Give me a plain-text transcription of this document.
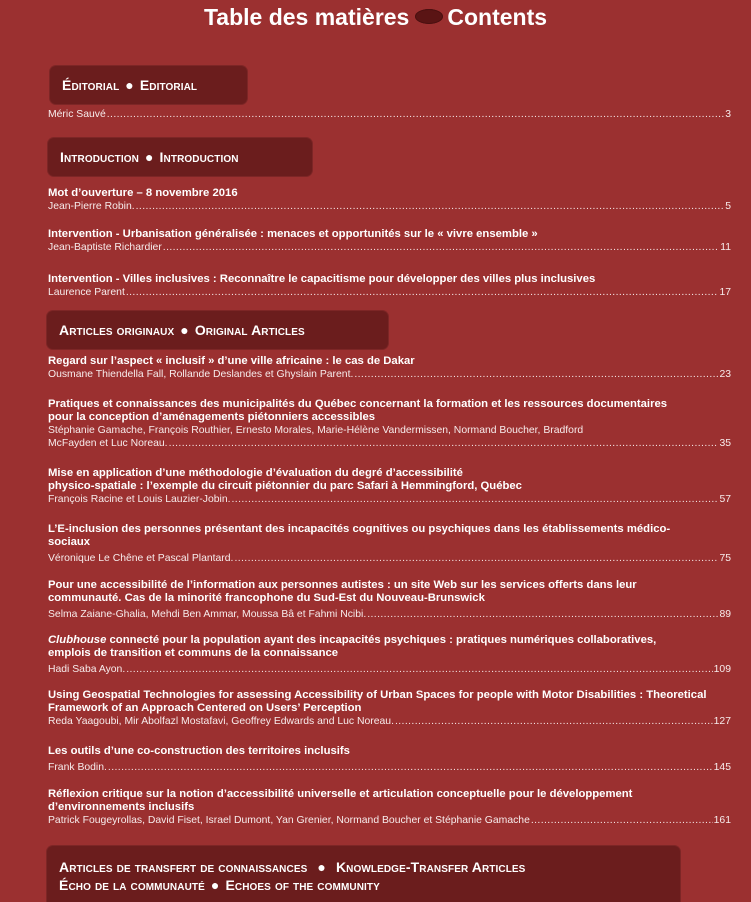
Table des matières Contents
Éditorial ● Editorial
Méric Sauvé .....	3
Introduction ● Introduction
Mot d’ouverture – 8 novembre 2016
Jean-Pierre Robin. .....	5
Intervention - Urbanisation généralisée : menaces et opportunités sur le « vivre ensemble »
Jean-Baptiste Richardier .....	11
Intervention - Villes inclusives : Reconnaître le capacitisme pour développer des villes plus inclusives
Laurence Parent .....	17
Articles originaux ● Original Articles
Regard sur l’aspect « inclusif » d’une ville africaine : le cas de Dakar
Ousmane Thiendella Fall, Rollande Deslandes et Ghyslain Parent. .....	23
Pratiques et connaissances des municipalités du Québec concernant la formation et les ressources documentaires pour la conception d’aménagements piétonniers accessibles
Stéphanie Gamache, François Routhier, Ernesto Morales, Marie-Hélène Vandermissen, Normand Boucher, Bradford
McFayden et Luc Noreau. .....	35
Mise en application d’une méthodologie d’évaluation du degré d’accessibilité
physico-spatiale : l’exemple du circuit piétonnier du parc Safari à Hemmingford, Québec
François Racine et Louis Lauzier-Jobin. .....	57
L’E-inclusion des personnes présentant des incapacités cognitives ou psychiques dans les établissements médico-sociaux
Véronique Le Chêne et Pascal Plantard. .....	75
Pour une accessibilité de l’information aux personnes autistes : un site Web sur les services offerts dans leur communauté. Cas de la minorité francophone du Sud-Est du Nouveau-Brunswick
Selma Zaiane-Ghalia, Mehdi Ben Ammar, Moussa Bâ et Fahmi Ncibi. .....	89
Clubhouse connecté pour la population ayant des incapacités psychiques : pratiques numériques collaboratives, emplois de transition et communs de la connaissance
Hadi Saba Ayon. .....	109
Using Geospatial Technologies for assessing Accessibility of Urban Spaces for people with Motor Disabilities : Theoretical Framework of an Approach Centered on Users’ Perception
Reda Yaagoubi, Mir Abolfazl Mostafavi, Geoffrey Edwards and Luc Noreau. .....	127
Les outils d’une co-construction des territoires inclusifs
Frank Bodin. .....	145
Réflexion critique sur la notion d’accessibilité universelle et articulation conceptuelle pour le développement d’environnements inclusifs
Patrick Fougeyrollas, David Fiset, Israel Dumont, Yan Grenier, Normand Boucher et Stéphanie Gamache .....	161
Articles de transfert de connaissances ● Knowledge-Transfer Articles
Écho de la communauté ● Echoes of the community
